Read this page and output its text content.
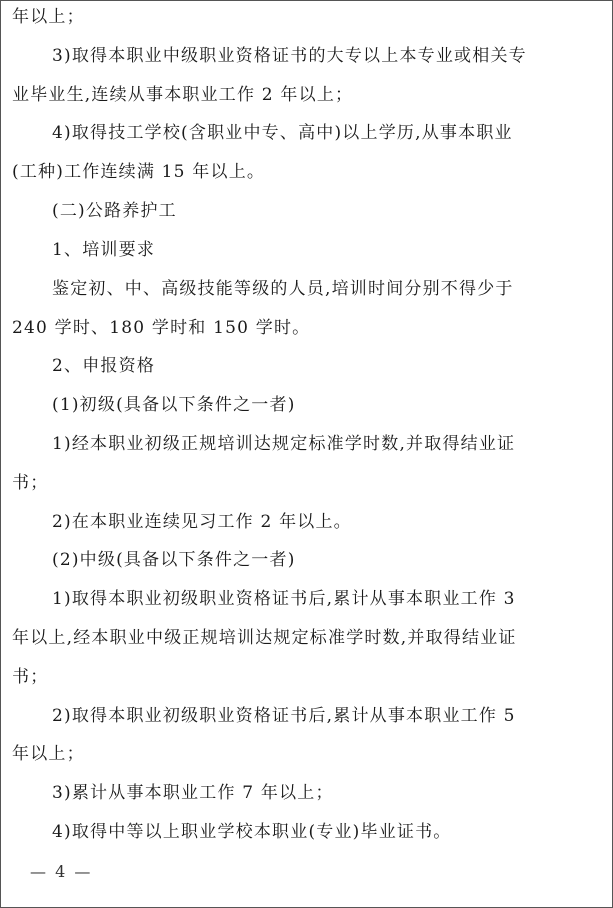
年以上；
3)取得本职业中级职业资格证书的大专以上本专业或相关专
业毕业生,连续从事本职业工作 2 年以上；
4)取得技工学校(含职业中专、高中)以上学历,从事本职业
(工种)工作连续满 15 年以上。
(二)公路养护工
1、培训要求
鉴定初、中、高级技能等级的人员,培训时间分别不得少于
240 学时、180 学时和 150 学时。
2、申报资格
(1)初级(具备以下条件之一者)
1)经本职业初级正规培训达规定标准学时数,并取得结业证
书；
2)在本职业连续见习工作 2 年以上。
(2)中级(具备以下条件之一者)
1)取得本职业初级职业资格证书后,累计从事本职业工作 3
年以上,经本职业中级正规培训达规定标准学时数,并取得结业证
书；
2)取得本职业初级职业资格证书后,累计从事本职业工作 5
年以上；
3)累计从事本职业工作 7 年以上；
4)取得中等以上职业学校本职业(专业)毕业证书。
— 4 —
